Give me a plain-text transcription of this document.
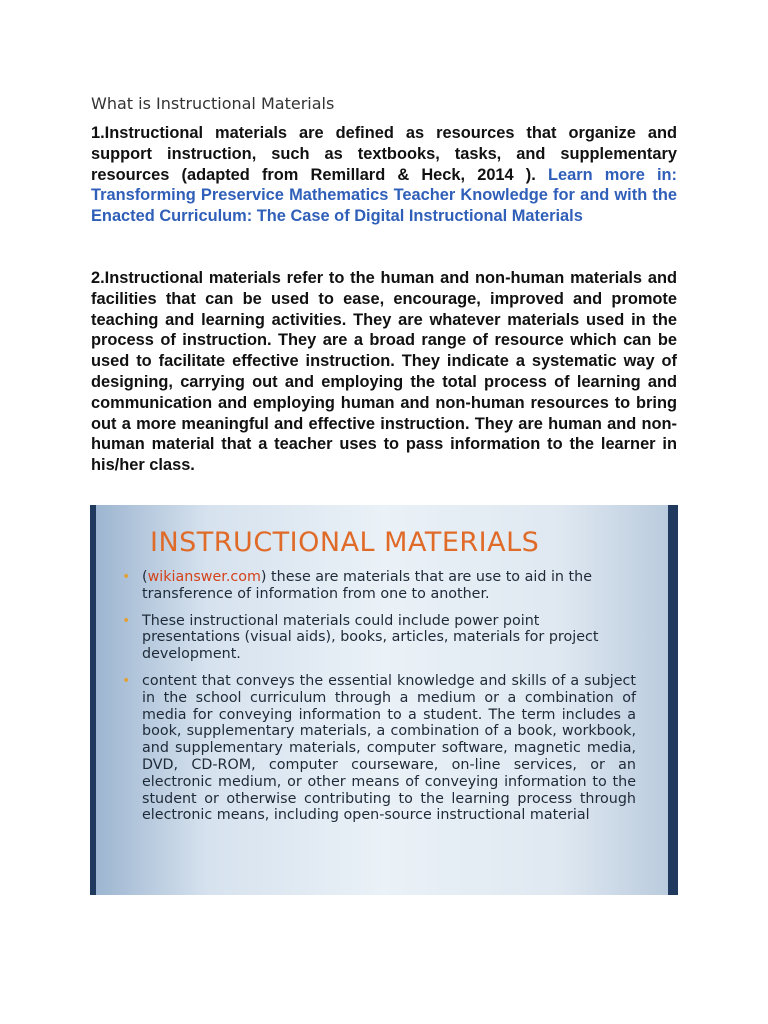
What is Instructional Materials
1.Instructional materials are defined as resources that organize and support instruction, such as textbooks, tasks, and supplementary resources (adapted from Remillard & Heck, 2014 ). Learn more in: Transforming Preservice Mathematics Teacher Knowledge for and with the Enacted Curriculum: The Case of Digital Instructional Materials
2.Instructional materials refer to the human and non-human materials and facilities that can be used to ease, encourage, improved and promote teaching and learning activities. They are whatever materials used in the process of instruction. They are a broad range of resource which can be used to facilitate effective instruction. They indicate a systematic way of designing, carrying out and employing the total process of learning and communication and employing human and non-human resources to bring out a more meaningful and effective instruction. They are human and non-human material that a teacher uses to pass information to the learner in his/her class.
INSTRUCTIONAL MATERIALS
• (wikianswer.com) these are materials that are use to aid in the transference of information from one to another.
• These instructional materials could include power point presentations (visual aids), books, articles, materials for project development.
• content that conveys the essential knowledge and skills of a subject in the school curriculum through a medium or a combination of media for conveying information to a student. The term includes a book, supplementary materials, a combination of a book, workbook, and supplementary materials, computer software, magnetic media, DVD, CD-ROM, computer courseware, on-line services, or an electronic medium, or other means of conveying information to the student or otherwise contributing to the learning process through electronic means, including open-source instructional material
